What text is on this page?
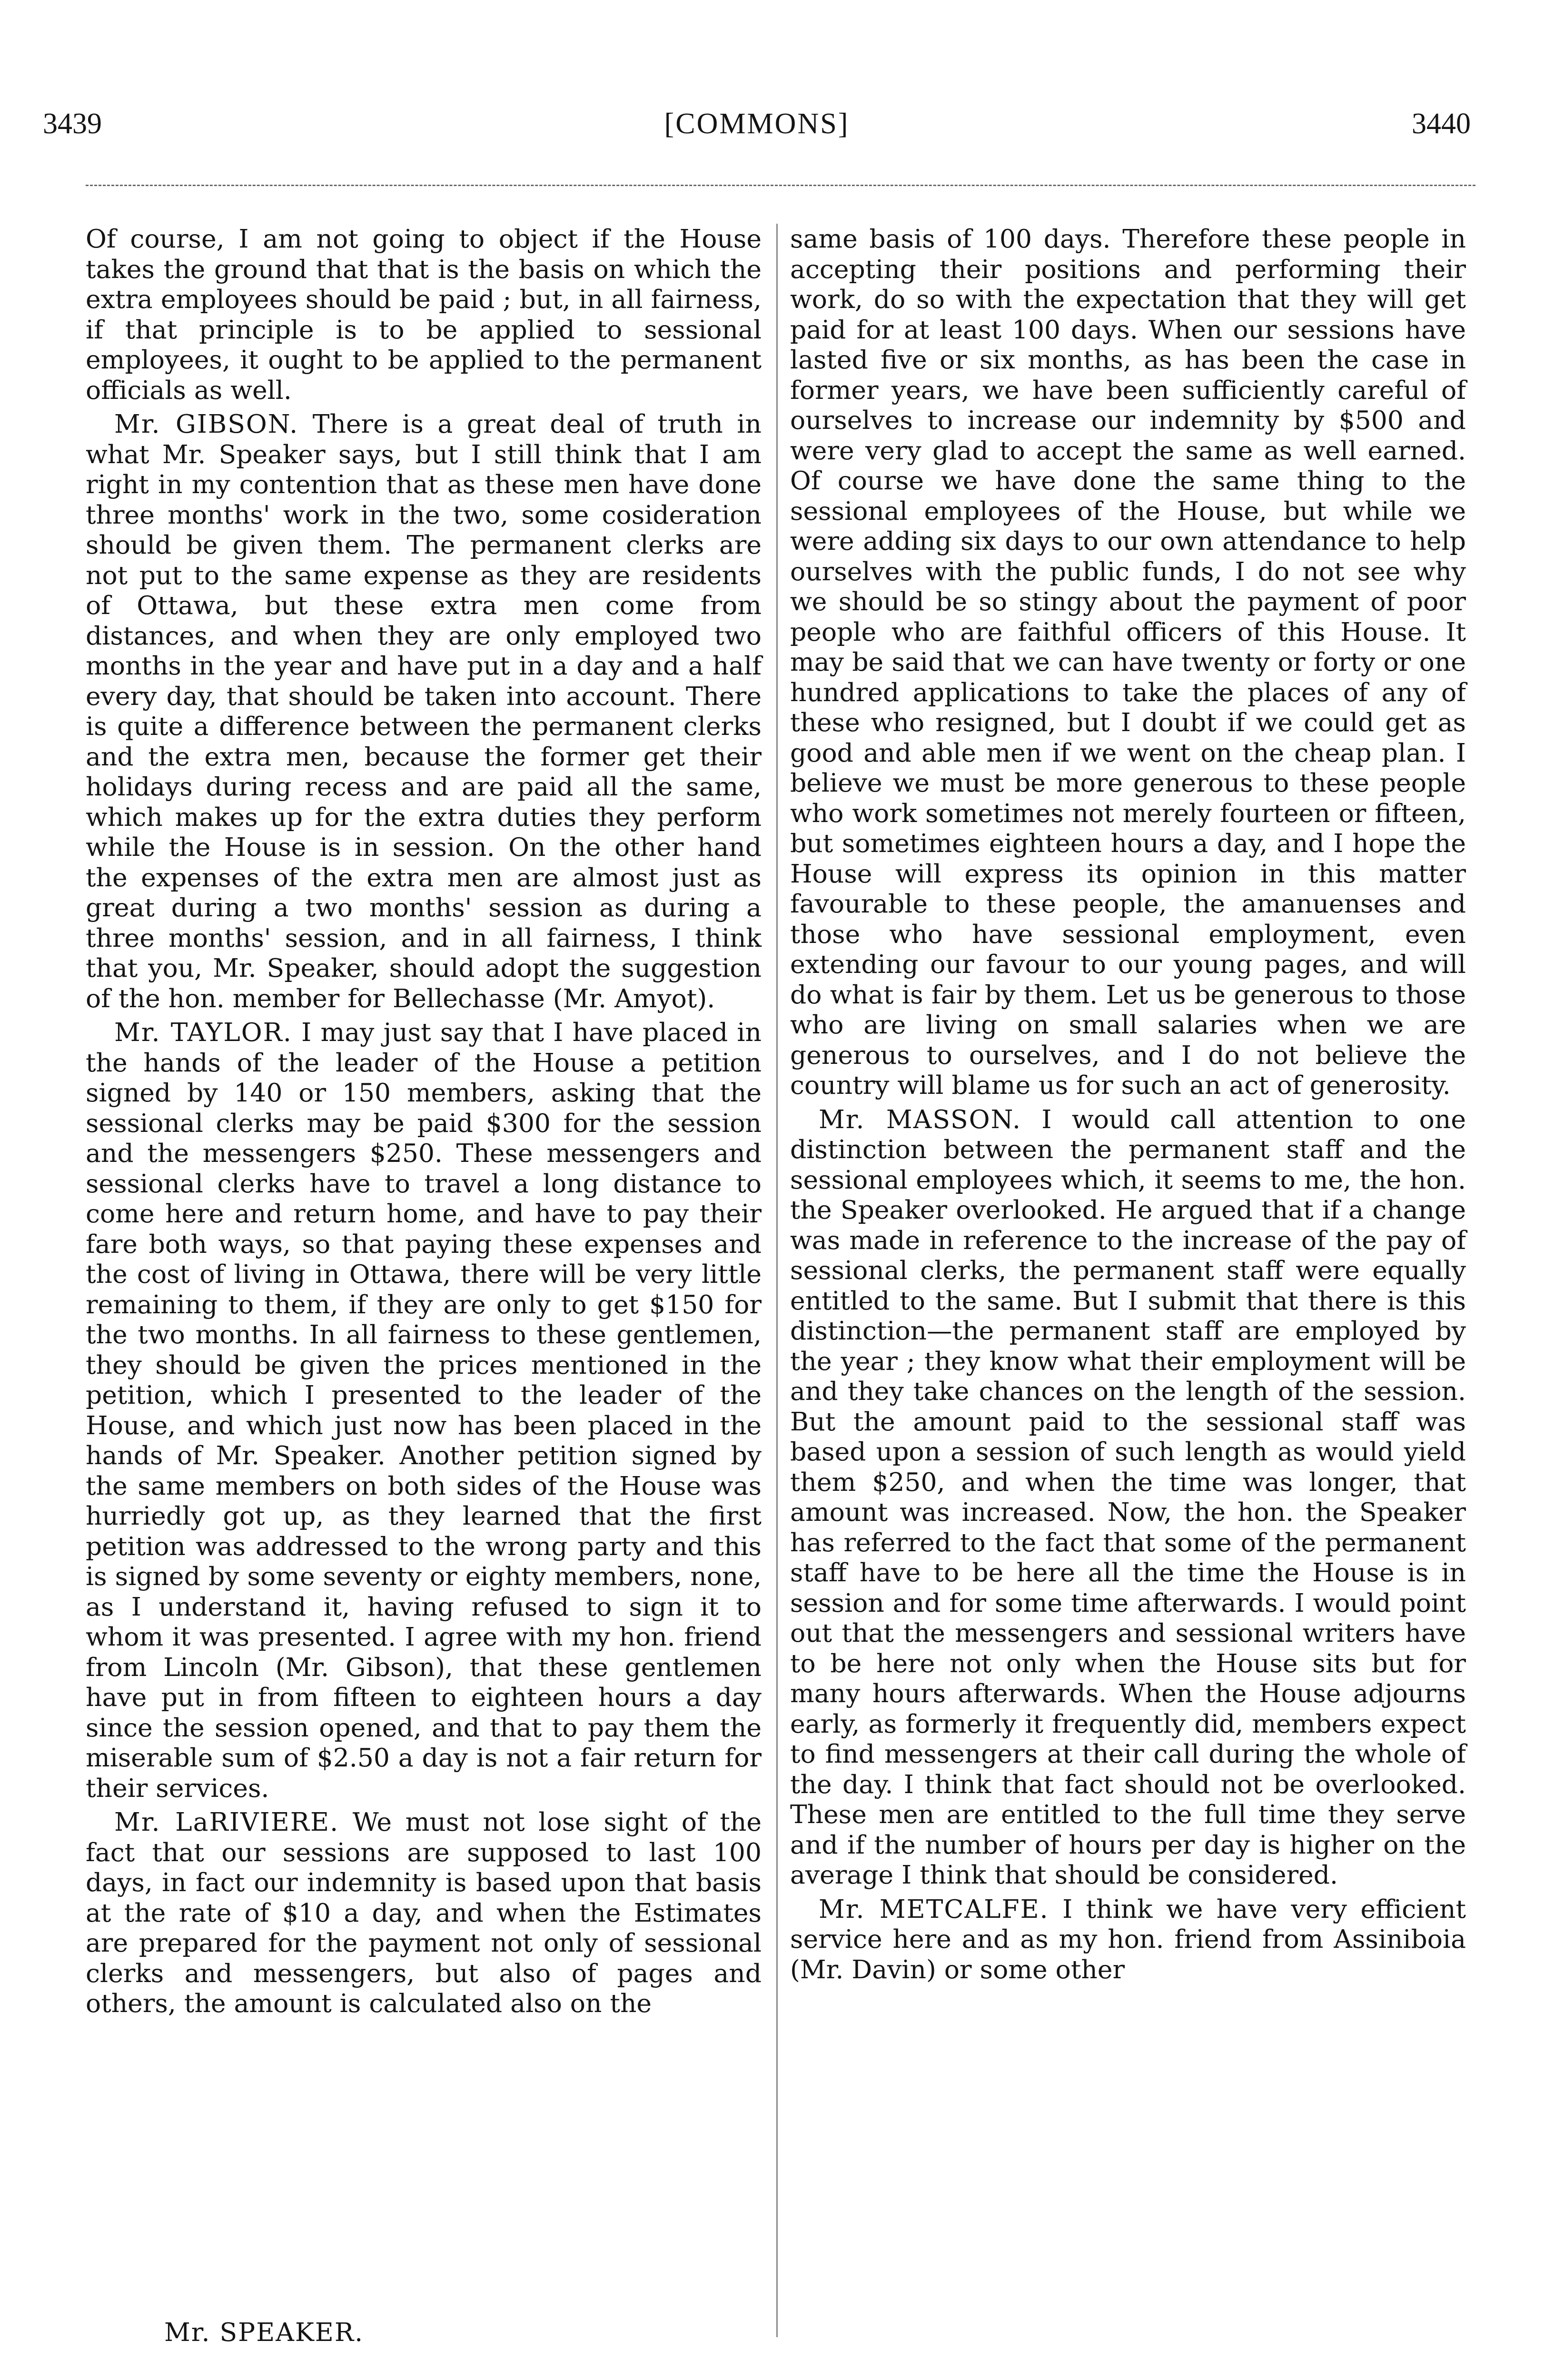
3439	[COMMONS]	3440

Of course, I am not going to object if the House takes the ground that that is the basis on which the extra employees should be paid ; but, in all fairness, if that principle is to be applied to sessional employees, it ought to be applied to the permanent officials as well.

Mr. GIBSON. There is a great deal of truth in what Mr. Speaker says, but I still think that I am right in my contention that as these men have done three months' work in the two, some cosideration should be given them. The permanent clerks are not put to the same expense as they are residents of Ottawa, but these extra men come from distances, and when they are only employed two months in the year and have put in a day and a half every day, that should be taken into account. There is quite a difference between the permanent clerks and the extra men, because the former get their holidays during recess and are paid all the same, which makes up for the extra duties they perform while the House is in session. On the other hand the expenses of the extra men are almost just as great during a two months' session as during a three months' session, and in all fairness, I think that you, Mr. Speaker, should adopt the suggestion of the hon. member for Bellechasse (Mr. Amyot).

Mr. TAYLOR. I may just say that I have placed in the hands of the leader of the House a petition signed by 140 or 150 members, asking that the sessional clerks may be paid $300 for the session and the messengers $250. These messengers and sessional clerks have to travel a long distance to come here and return home, and have to pay their fare both ways, so that paying these expenses and the cost of living in Ottawa, there will be very little remaining to them, if they are only to get $150 for the two months. In all fairness to these gentlemen, they should be given the prices mentioned in the petition, which I presented to the leader of the House, and which just now has been placed in the hands of Mr. Speaker. Another petition signed by the same members on both sides of the House was hurriedly got up, as they learned that the first petition was addressed to the wrong party and this is signed by some seventy or eighty members, none, as I understand it, having refused to sign it to whom it was presented. I agree with my hon. friend from Lincoln (Mr. Gibson), that these gentlemen have put in from fifteen to eighteen hours a day since the session opened, and that to pay them the miserable sum of $2.50 a day is not a fair return for their services.

Mr. LaRIVIERE. We must not lose sight of the fact that our sessions are supposed to last 100 days, in fact our indemnity is based upon that basis at the rate of $10 a day, and when the Estimates are prepared for the payment not only of sessional clerks and messengers, but also of pages and others, the amount is calculated also on the

same basis of 100 days. Therefore these people in accepting their positions and performing their work, do so with the expectation that they will get paid for at least 100 days. When our sessions have lasted five or six months, as has been the case in former years, we have been sufficiently careful of ourselves to increase our indemnity by $500 and were very glad to accept the same as well earned. Of course we have done the same thing to the sessional employees of the House, but while we were adding six days to our own attendance to help ourselves with the public funds, I do not see why we should be so stingy about the payment of poor people who are faithful officers of this House. It may be said that we can have twenty or forty or one hundred applications to take the places of any of these who resigned, but I doubt if we could get as good and able men if we went on the cheap plan. I believe we must be more generous to these people who work sometimes not merely fourteen or fifteen, but sometimes eighteen hours a day, and I hope the House will express its opinion in this matter favourable to these people, the amanuenses and those who have sessional employment, even extending our favour to our young pages, and will do what is fair by them. Let us be generous to those who are living on small salaries when we are generous to ourselves, and I do not believe the country will blame us for such an act of generosity.

Mr. MASSON. I would call attention to one distinction between the permanent staff and the sessional employees which, it seems to me, the hon. the Speaker overlooked. He argued that if a change was made in reference to the increase of the pay of sessional clerks, the permanent staff were equally entitled to the same. But I submit that there is this distinction—the permanent staff are employed by the year ; they know what their employment will be and they take chances on the length of the session. But the amount paid to the sessional staff was based upon a session of such length as would yield them $250, and when the time was longer, that amount was increased. Now, the hon. the Speaker has referred to the fact that some of the permanent staff have to be here all the time the House is in session and for some time afterwards. I would point out that the messengers and sessional writers have to be here not only when the House sits but for many hours afterwards. When the House adjourns early, as formerly it frequently did, members expect to find messengers at their call during the whole of the day. I think that fact should not be overlooked. These men are entitled to the full time they serve and if the number of hours per day is higher on the average I think that should be considered.

Mr. METCALFE. I think we have very efficient service here and as my hon. friend from Assiniboia (Mr. Davin) or some other

Mr. SPEAKER.
